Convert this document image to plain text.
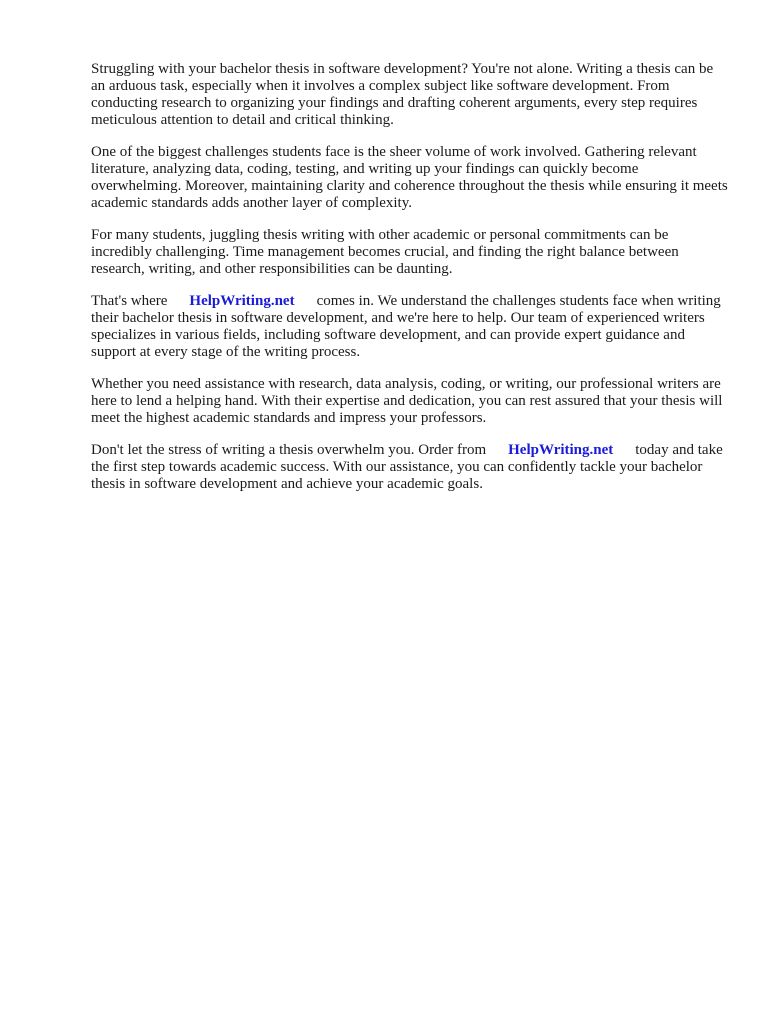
Struggling with your bachelor thesis in software development? You're not alone. Writing a thesis can be an arduous task, especially when it involves a complex subject like software development. From conducting research to organizing your findings and drafting coherent arguments, every step requires meticulous attention to detail and critical thinking.

One of the biggest challenges students face is the sheer volume of work involved. Gathering relevant literature, analyzing data, coding, testing, and writing up your findings can quickly become overwhelming. Moreover, maintaining clarity and coherence throughout the thesis while ensuring it meets academic standards adds another layer of complexity.

For many students, juggling thesis writing with other academic or personal commitments can be incredibly challenging. Time management becomes crucial, and finding the right balance between research, writing, and other responsibilities can be daunting.

That's where HelpWriting.net comes in. We understand the challenges students face when writing their bachelor thesis in software development, and we're here to help. Our team of experienced writers specializes in various fields, including software development, and can provide expert guidance and support at every stage of the writing process.

Whether you need assistance with research, data analysis, coding, or writing, our professional writers are here to lend a helping hand. With their expertise and dedication, you can rest assured that your thesis will meet the highest academic standards and impress your professors.

Don't let the stress of writing a thesis overwhelm you. Order from HelpWriting.net today and take the first step towards academic success. With our assistance, you can confidently tackle your bachelor thesis in software development and achieve your academic goals.
